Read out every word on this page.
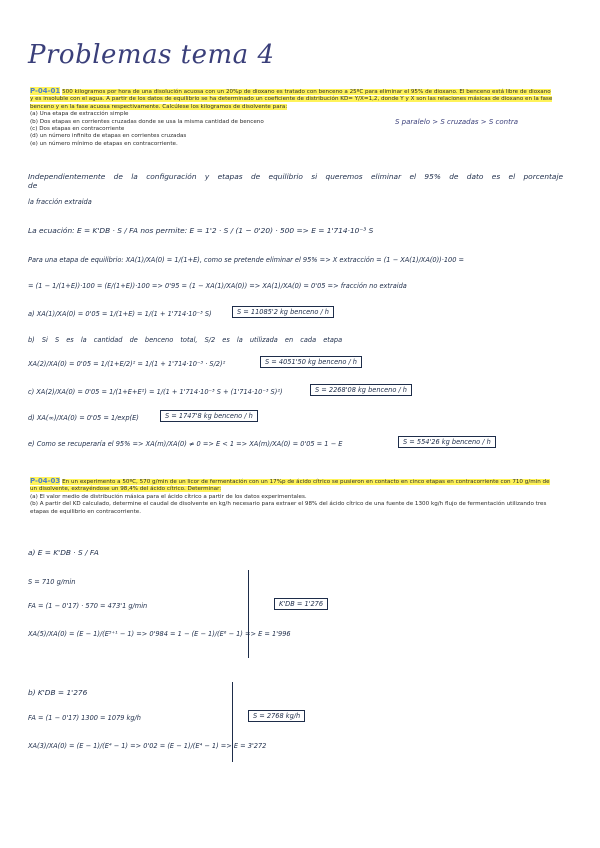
Problemas tema 4
P-04-01 500 kilogramos por hora de una disolución acuosa con un 20%p de dioxano es tratado con benceno a 25ºC para eliminar el 95% de dioxano. El benceno está libre de dioxano y es insoluble con el agua. A partir de los datos de equilibrio se ha determinado un coeficiente de distribución KD= Y/X=1,2, donde Y y X son las relaciones másicas de dioxano en la fase benceno y en la fase acuosa respectivamente. Calcúlese los kilogramos de disolvente para:
(a) Una etapa de extracción simple
(b) Dos etapas en corrientes cruzadas donde se usa la misma cantidad de benceno
(c) Dos etapas en contracorriente
(d) un número infinito de etapas en corrientes cruzadas
(e) un número mínimo de etapas en contracorriente.
S paralelo > S cruzadas > S contra
Independientemente de la configuración y etapas de equilibrio si queremos eliminar el 95% de dato es el porcentaje de
la fracción extraida
La ecuación: E = K'DB · S / FA nos permite: E = 1'2 · S / (1 − 0'20) · 500 => E = 1'714·10⁻³ S
Para una etapa de equilibrio: XA(1)/XA(0) = 1/(1+E), como se pretende eliminar el 95% => X extracción = (1 − XA(1)/XA(0))·100 =
= (1 − 1/(1+E))·100 = (E/(1+E))·100 => 0'95 = (1 − XA(1)/XA(0)) => XA(1)/XA(0) = 0'05 => fracción no extraida
a) XA(1)/XA(0) = 0'05 = 1/(1+E) = 1/(1 + 1'714·10⁻³ S)	S = 11085'2 kg benceno / h
b) Si S es la cantidad de benceno total, S/2 es la utilizada en cada etapa
XA(2)/XA(0) = 0'05 = 1/(1+E/2)² = 1/(1 + 1'714·10⁻³ · S/2)²	S = 4051'50 kg benceno / h
c) XA(2)/XA(0) = 0'05 = 1/(1+E+E²) = 1/(1 + 1'714·10⁻³ S + (1'714·10⁻³ S)²)	S = 2268'08 kg benceno / h
d) XA(∞)/XA(0) = 0'05 = 1/exp(E)	S = 1747'8 kg benceno / h
e) Como se recuperaría el 95% => XA(m)/XA(0) ≠ 0 => E < 1 => XA(m)/XA(0) = 0'05 = 1 − E	S = 554'26 kg benceno / h
P-04-03 En un experimento a 50ºC, 570 g/min de un licor de fermentación con un 17%p de ácido cítrico se pusieron en contacto en cinco etapas en contracorriente con 710 g/min de un disolvente, extrayéndose un 98,4% del ácido cítrico. Determinar:
(a) El valor medio de distribución másica para el ácido cítrico a partir de los datos experimentales.
(b) A partir del KD calculado, determine el caudal de disolvente en kg/h necesario para extraer el 98% del ácido cítrico de una fuente de 1300 kg/h flujo de fermentación utilizando tres etapas de equilibrio en contracorriente.
a) E = K'DB · S / FA
S = 710 g/min
FA = (1 − 0'17) · 570 = 473'1 g/min
XA(5)/XA(0) = (E − 1)/(E⁵⁺¹ − 1) => 0'984 = 1 − (E − 1)/(E⁶ − 1) => E = 1'996
K'DB = 1'276
b) K'DB = 1'276
FA = (1 − 0'17) 1300 = 1079 kg/h
XA(3)/XA(0) = (E − 1)/(E⁴ − 1) => 0'02 = (E − 1)/(E⁴ − 1) => E = 3'272
S = 2768 kg/h
